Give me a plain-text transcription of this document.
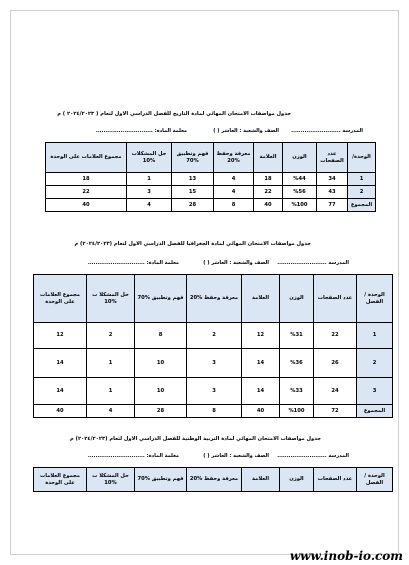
جدول مواصفات الامتحان المهائي لمادة التاريخ للفصل الدراسي الاول لتعام ( ٢٠٢٤/٢٠٢٣ ) م
المدرسة ..........................
الصف والشعبة : العاشر ( )
معلمة المادة: ..............................
الوحدة/	عدد الصفحات	الوزن	العلامة	معرفة وحفظ %20	فهم وتطبيق %70	حل المشكلات %10	مجموع العلامات على الوحدة
1	34	%44	18	4	13	1	18
2	43	%56	22	4	15	3	22
المجموع	77	%100	40	8	28	4	40
جدول مواصفات الامتحان المهائي لمادة الجغرافيا للفصل الدراسي الاول لتعام (٢٠٢٤/٢٠٢٣) م
المدرسة ..........................
الصف والشعبة : العاشر ( )
معلمة المادة: ..............................
الوحدة / الفصل	عدد الصفحات	الوزن	العلامة	معرفة وحفظ %20	فهم وتطبيق %70	حل المشكلا ت %10	مجموع العلامات على الوحدة
1	22	%31	12	2	8	2	12
2	26	%36	14	3	10	1	14
3	24	%33	14	3	10	1	14
المجموع	72	%100	40	8	28	4	40
جدول مواصفات الامتحان المهائي لمادة التربية الوطنية للفصل الدراسي الاول لتعام (٢٠٢٤/٢٠٢٣) م
المدرسة ..........................
الصف والشعبة : العاشر ( )
معلمة المادة: ..............................
الوحدة /الفصل	عدد الصفحات	الوزن	العلامة	معرفة وحفظ %20	فهم وتطبيق %70	حل المشكلا ت %10	مجموع العلامات على الوحدة
www.inob-io.com
